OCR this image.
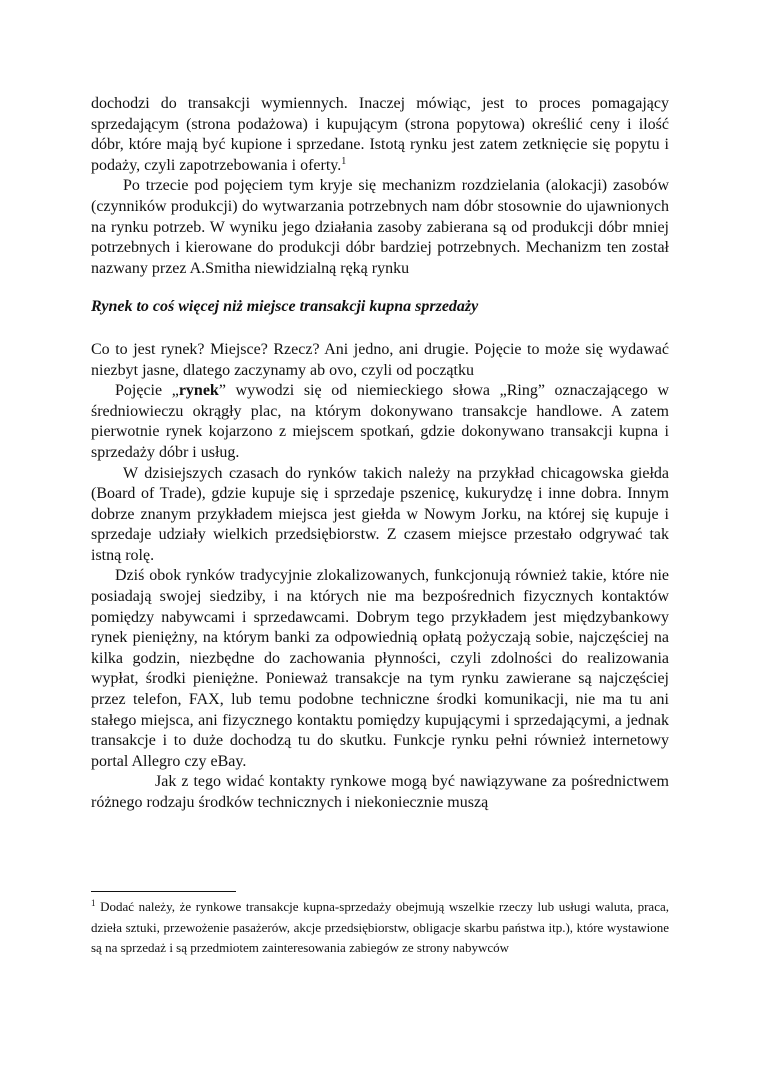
dochodzi do transakcji wymiennych. Inaczej mówiąc, jest to proces pomagający sprzedającym (strona podażowa) i kupującym (strona popytowa) określić ceny i ilość dóbr, które mają być kupione i sprzedane. Istotą rynku jest zatem zetknięcie się popytu i podaży, czyli zapotrzebowania i oferty.$^1$

Po trzecie pod pojęciem tym kryje się mechanizm rozdzielania (alokacji) zasobów (czynników produkcji) do wytwarzania potrzebnych nam dóbr stosownie do ujawnionych na rynku potrzeb. W wyniku jego działania zasoby zabierana są od produkcji dóbr mniej potrzebnych i kierowane do produkcji dóbr bardziej potrzebnych. Mechanizm ten został nazwany przez A.Smitha niewidzialną ręką rynku

Rynek to coś więcej niż miejsce transakcji kupna sprzedaży

Co to jest rynek? Miejsce? Rzecz? Ani jedno, ani drugie. Pojęcie to może się wydawać niezbyt jasne, dlatego zaczynamy ab ovo, czyli od początku

Pojęcie „rynek” wywodzi się od niemieckiego słowa „Ring” oznaczającego w średniowieczu okrągły plac, na którym dokonywano transakcje handlowe. A zatem pierwotnie rynek kojarzono z miejscem spotkań, gdzie dokonywano transakcji kupna i sprzedaży dóbr i usług.

W dzisiejszych czasach do rynków takich należy na przykład chicagowska giełda (Board of Trade), gdzie kupuje się i sprzedaje pszenicę, kukurydzę i inne dobra. Innym dobrze znanym przykładem miejsca jest giełda w Nowym Jorku, na której się kupuje i sprzedaje udziały wielkich przedsiębiorstw. Z czasem miejsce przestało odgrywać tak istną rolę.

Dziś obok rynków tradycyjnie zlokalizowanych, funkcjonują również takie, które nie posiadają swojej siedziby, i na których nie ma bezpośrednich fizycznych kontaktów pomiędzy nabywcami i sprzedawcami. Dobrym tego przykładem jest międzybankowy rynek pieniężny, na którym banki za odpowiednią opłatą pożyczają sobie, najczęściej na kilka godzin, niezbędne do zachowania płynności, czyli zdolności do realizowania wypłat, środki pieniężne. Ponieważ transakcje na tym rynku zawierane są najczęściej przez telefon, FAX, lub temu podobne techniczne środki komunikacji, nie ma tu ani stałego miejsca, ani fizycznego kontaktu pomiędzy kupującymi i sprzedającymi, a jednak transakcje i to duże dochodzą tu do skutku. Funkcje rynku pełni również internetowy portal Allegro czy eBay.

Jak z tego widać kontakty rynkowe mogą być nawiązywane za pośrednictwem różnego rodzaju środków technicznych i niekoniecznie muszą

$^1$ Dodać należy, że rynkowe transakcje kupna-sprzedaży obejmują wszelkie rzeczy lub usługi waluta, praca, dzieła sztuki, przewożenie pasażerów, akcje przedsiębiorstw, obligacje skarbu państwa itp.), które wystawione są na sprzedaż i są przedmiotem zainteresowania zabiegów ze strony nabywców
